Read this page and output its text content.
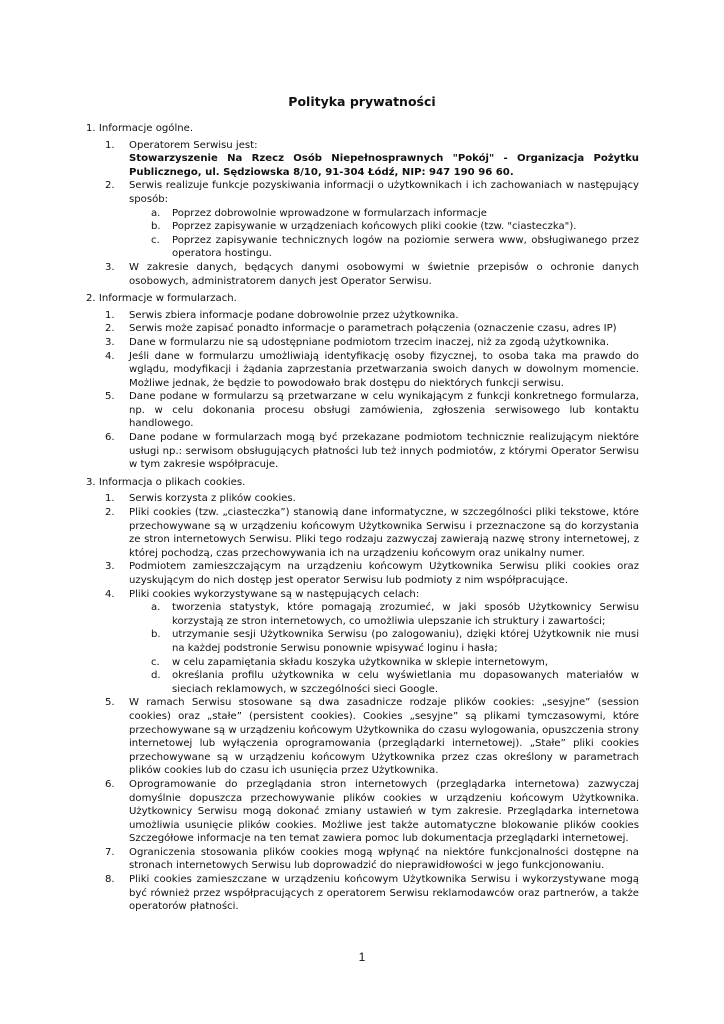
Polityka prywatności
1. Informacje ogólne.
1. Operatorem Serwisu jest:
Stowarzyszenie Na Rzecz Osób Niepełnosprawnych "Pokój" - Organizacja Pożytku Publicznego, ul. Sędziowska 8/10, 91-304 Łódź, NIP: 947 190 96 60.
2. Serwis realizuje funkcje pozyskiwania informacji o użytkownikach i ich zachowaniach w następujący sposób:
a. Poprzez dobrowolnie wprowadzone w formularzach informacje
b. Poprzez zapisywanie w urządzeniach końcowych pliki cookie (tzw. "ciasteczka").
c. Poprzez zapisywanie technicznych logów na poziomie serwera www, obsługiwanego przez operatora hostingu.
3. W zakresie danych, będących danymi osobowymi w świetnie przepisów o ochronie danych osobowych, administratorem danych jest Operator Serwisu.
2. Informacje w formularzach.
1. Serwis zbiera informacje podane dobrowolnie przez użytkownika.
2. Serwis może zapisać ponadto informacje o parametrach połączenia (oznaczenie czasu, adres IP)
3. Dane w formularzu nie są udostępniane podmiotom trzecim inaczej, niż za zgodą użytkownika.
4. Jeśli dane w formularzu umożliwiają identyfikację osoby fizycznej, to osoba taka ma prawdo do wglądu, modyfikacji i żądania zaprzestania przetwarzania swoich danych w dowolnym momencie. Możliwe jednak, że będzie to powodowało brak dostępu do niektórych funkcji serwisu.
5. Dane podane w formularzu są przetwarzane w celu wynikającym z funkcji konkretnego formularza, np. w celu dokonania procesu obsługi zamówienia, zgłoszenia serwisowego lub kontaktu handlowego.
6. Dane podane w formularzach mogą być przekazane podmiotom technicznie realizującym niektóre usługi np.: serwisom obsługujących płatności lub też innych podmiotów, z którymi Operator Serwisu w tym zakresie współpracuje.
3. Informacja o plikach cookies.
1. Serwis korzysta z plików cookies.
2. Pliki cookies (tzw. „ciasteczka”) stanowią dane informatyczne, w szczególności pliki tekstowe, które przechowywane są w urządzeniu końcowym Użytkownika Serwisu i przeznaczone są do korzystania ze stron internetowych Serwisu. Pliki tego rodzaju zazwyczaj zawierają nazwę strony internetowej, z której pochodzą, czas przechowywania ich na urządzeniu końcowym oraz unikalny numer.
3. Podmiotem zamieszczającym na urządzeniu końcowym Użytkownika Serwisu pliki cookies oraz uzyskującym do nich dostęp jest operator Serwisu lub podmioty z nim współpracujące.
4. Pliki cookies wykorzystywane są w następujących celach:
a. tworzenia statystyk, które pomagają zrozumieć, w jaki sposób Użytkownicy Serwisu korzystają ze stron internetowych, co umożliwia ulepszanie ich struktury i zawartości;
b. utrzymanie sesji Użytkownika Serwisu (po zalogowaniu), dzięki której Użytkownik nie musi na każdej podstronie Serwisu ponownie wpisywać loginu i hasła;
c. w celu zapamiętania składu koszyka użytkownika w sklepie internetowym,
d. określania profilu użytkownika w celu wyświetlania mu dopasowanych materiałów w sieciach reklamowych, w szczególności sieci Google.
5. W ramach Serwisu stosowane są dwa zasadnicze rodzaje plików cookies: „sesyjne” (session cookies) oraz „stałe” (persistent cookies). Cookies „sesyjne” są plikami tymczasowymi, które przechowywane są w urządzeniu końcowym Użytkownika do czasu wylogowania, opuszczenia strony internetowej lub wyłączenia oprogramowania (przeglądarki internetowej). „Stałe” pliki cookies przechowywane są w urządzeniu końcowym Użytkownika przez czas określony w parametrach plików cookies lub do czasu ich usunięcia przez Użytkownika.
6. Oprogramowanie do przeglądania stron internetowych (przeglądarka internetowa) zazwyczaj domyślnie dopuszcza przechowywanie plików cookies w urządzeniu końcowym Użytkownika. Użytkownicy Serwisu mogą dokonać zmiany ustawień w tym zakresie. Przeglądarka internetowa umożliwia usunięcie plików cookies. Możliwe jest także automatyczne blokowanie plików cookies Szczegółowe informacje na ten temat zawiera pomoc lub dokumentacja przeglądarki internetowej.
7. Ograniczenia stosowania plików cookies mogą wpłynąć na niektóre funkcjonalności dostępne na stronach internetowych Serwisu lub doprowadzić do nieprawidłowości w jego funkcjonowaniu.
8. Pliki cookies zamieszczane w urządzeniu końcowym Użytkownika Serwisu i wykorzystywane mogą być również przez współpracujących z operatorem Serwisu reklamodawców oraz partnerów, a także operatorów płatności.
1
